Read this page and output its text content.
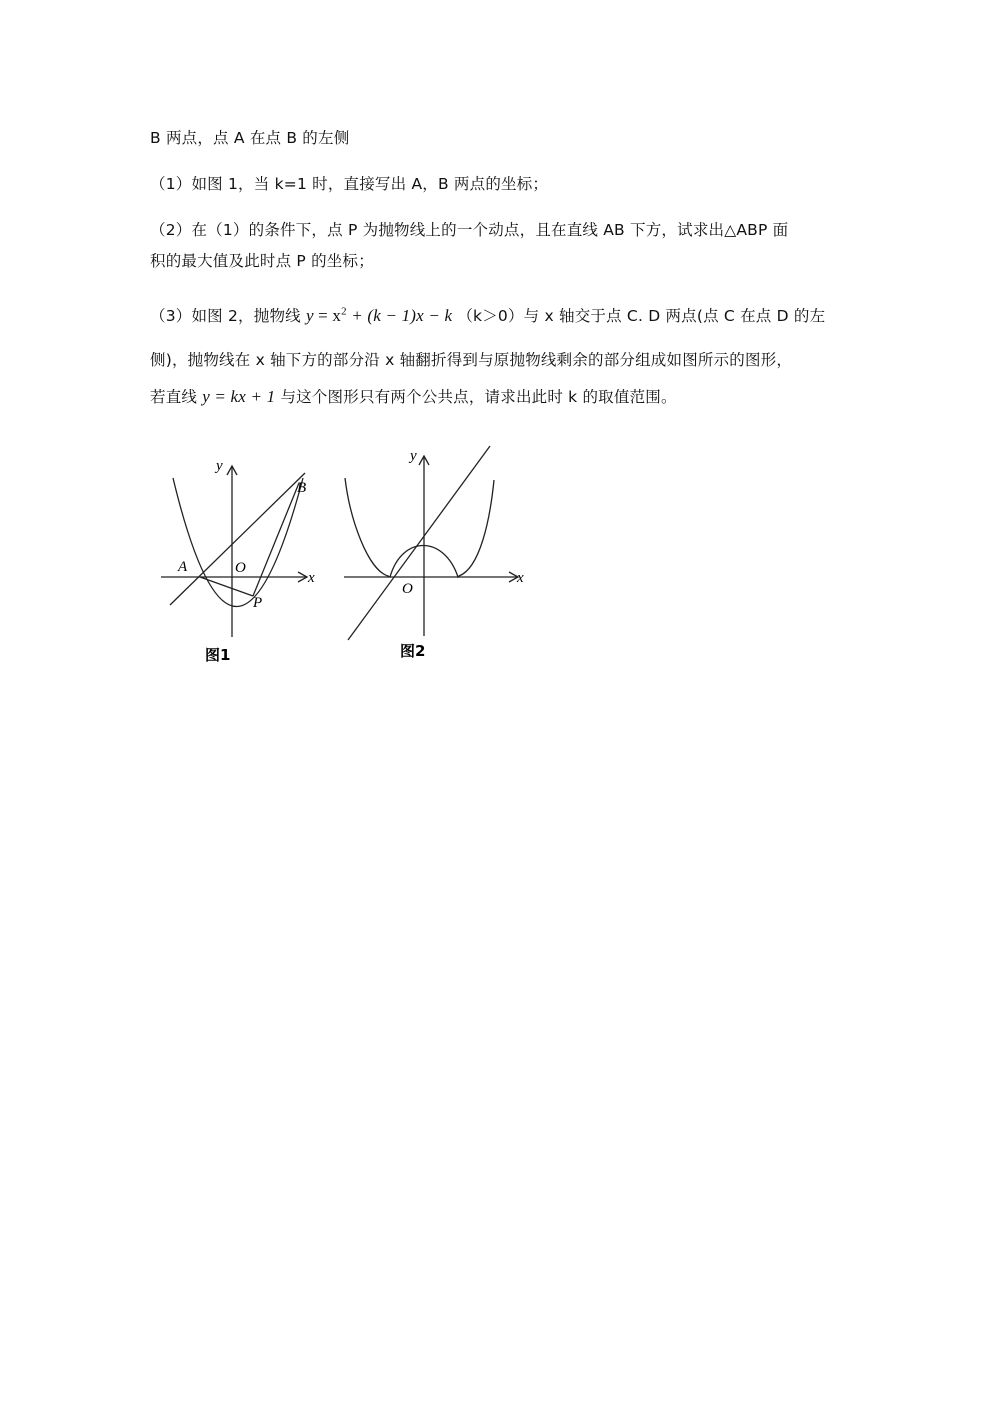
B 两点，点 A 在点 B 的左侧
（1）如图 1，当 k=1 时，直接写出 A，B 两点的坐标；
（2）在（1）的条件下，点 P 为抛物线上的一个动点，且在直线 AB 下方，试求出△ABP 面
积的最大值及此时点 P 的坐标；
（3）如图 2，抛物线 $y = x^2 + (k - 1)x - k$ （k＞0）与 x 轴交于点 C. D 两点(点 C 在点 D 的左
侧)，抛物线在 x 轴下方的部分沿 x 轴翻折得到与原抛物线剩余的部分组成如图所示的图形，
若直线 y = kx + 1 与这个图形只有两个公共点，请求出此时 k 的取值范围。
y
x
A	O
B
P
图1
y
x
O
图2
